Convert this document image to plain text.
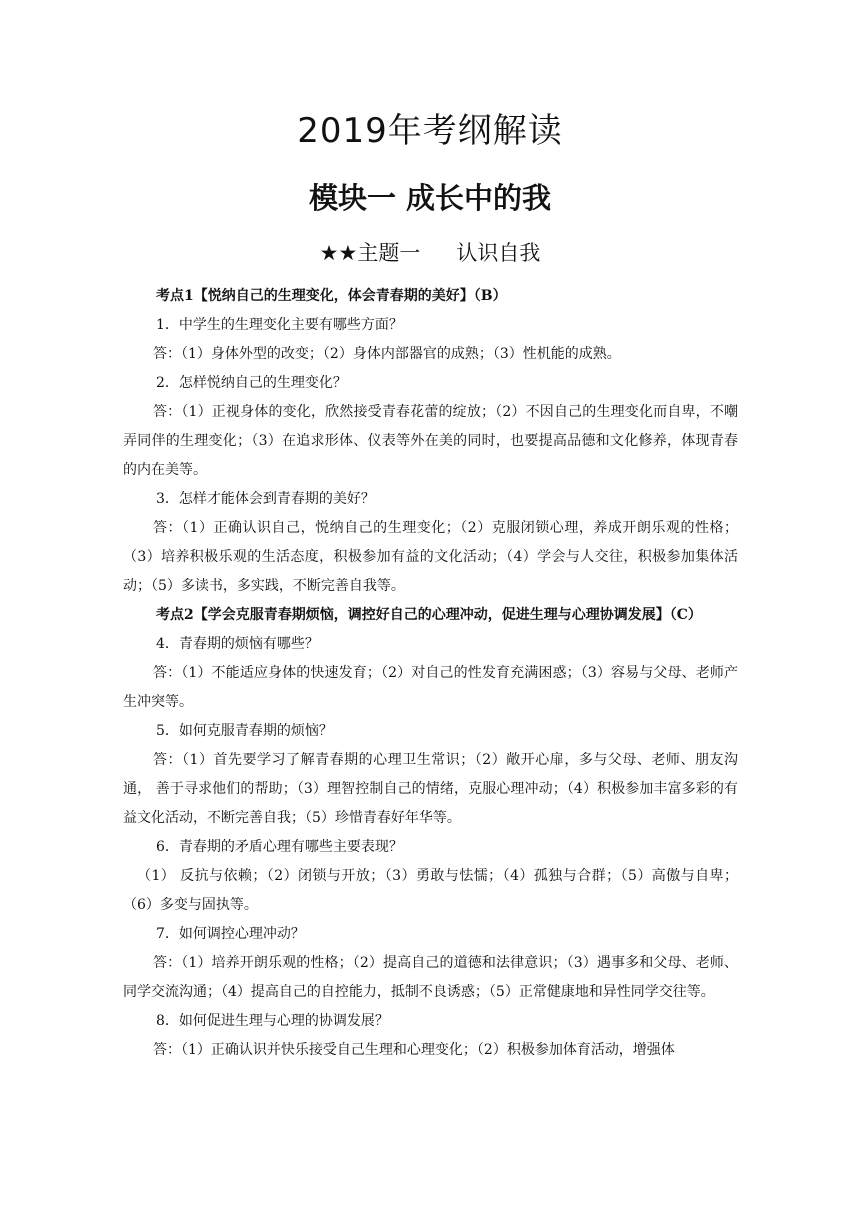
2019年考纲解读
模块一 成长中的我
★★主题一 认识自我

考点1【悦纳自己的生理变化，体会青春期的美好】（B）

1．中学生的生理变化主要有哪些方面？

答：（1）身体外型的改变；（2）身体内部器官的成熟；（3）性机能的成熟。

2．怎样悦纳自己的生理变化？

答：（1）正视身体的变化，欣然接受青春花蕾的绽放；（2）不因自己的生理变化而自卑，不嘲弄同伴的生理变化；（3）在追求形体、仪表等外在美的同时，也要提高品德和文化修养，体现青春的内在美等。

3．怎样才能体会到青春期的美好？

答：（1）正确认识自己，悦纳自己的生理变化；（2）克服闭锁心理，养成开朗乐观的性格；（3）培养积极乐观的生活态度，积极参加有益的文化活动；（4）学会与人交往，积极参加集体活动；（5）多读书，多实践，不断完善自我等。

考点2【学会克服青春期烦恼，调控好自己的心理冲动，促进生理与心理协调发展】（C）

4．青春期的烦恼有哪些？

答：（1）不能适应身体的快速发育；（2）对自己的性发育充满困惑；（3）容易与父母、老师产生冲突等。

5．如何克服青春期的烦恼？

答：（1）首先要学习了解青春期的心理卫生常识；（2）敞开心扉，多与父母、老师、朋友沟通， 善于寻求他们的帮助；（3）理智控制自己的情绪，克服心理冲动；（4）积极参加丰富多彩的有益文化活动，不断完善自我；（5）珍惜青春好年华等。

6．青春期的矛盾心理有哪些主要表现？

（1） 反抗与依赖；（2）闭锁与开放；（3）勇敢与怯懦；（4）孤独与合群；（5）高傲与自卑；（6）多变与固执等。

7．如何调控心理冲动？

答：（1）培养开朗乐观的性格；（2）提高自己的道德和法律意识；（3）遇事多和父母、老师、同学交流沟通；（4）提高自己的自控能力，抵制不良诱惑；（5）正常健康地和异性同学交往等。

8．如何促进生理与心理的协调发展？

答：（1）正确认识并快乐接受自己生理和心理变化；（2）积极参加体育活动，增强体
